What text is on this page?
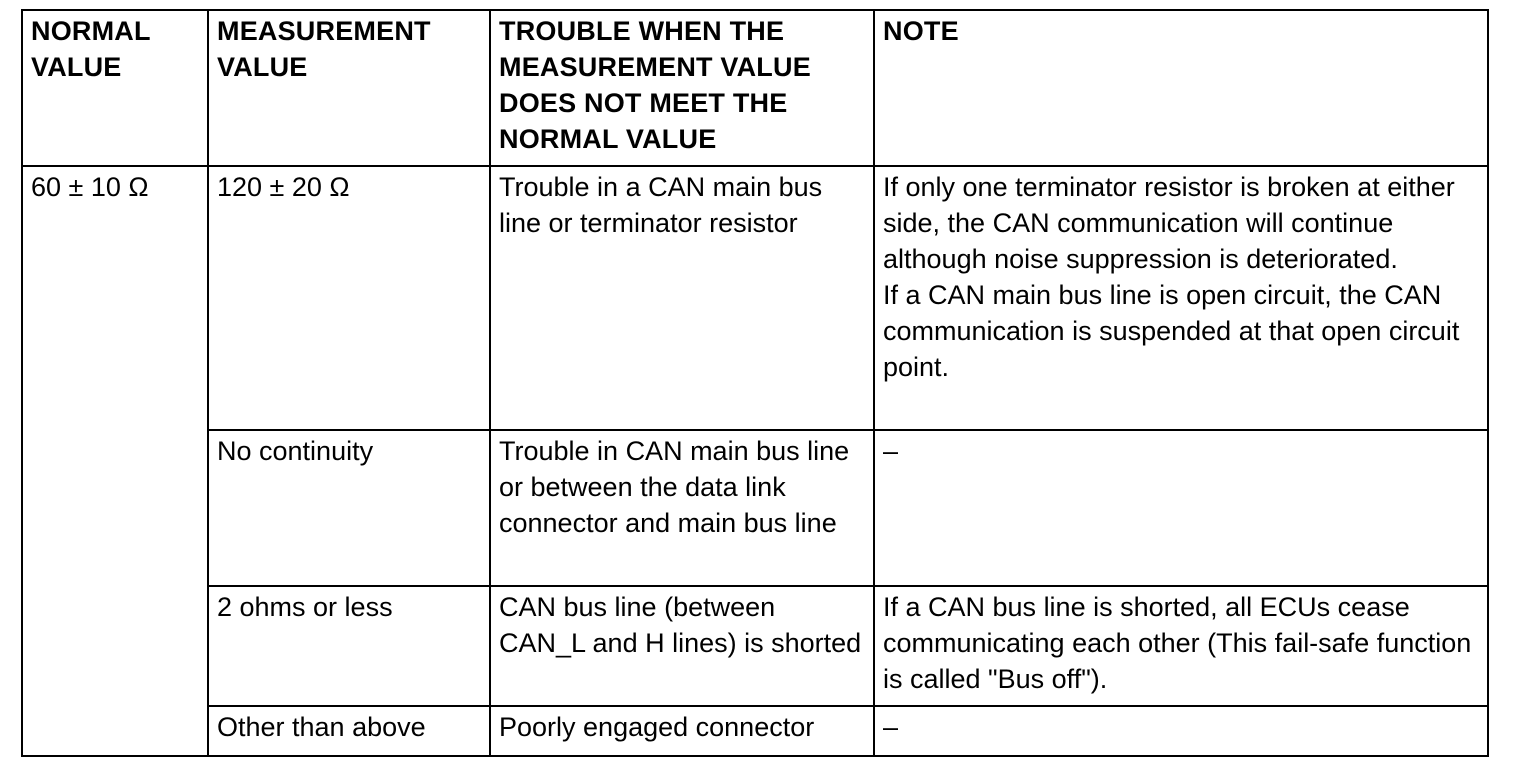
NORMAL VALUE	MEASUREMENT VALUE	TROUBLE WHEN THE MEASUREMENT VALUE DOES NOT MEET THE NORMAL VALUE	NOTE
60 ± 10 Ω	120 ± 20 Ω	Trouble in a CAN main bus line or terminator resistor	If only one terminator resistor is broken at either side, the CAN communication will continue although noise suppression is deteriorated.
If a CAN main bus line is open circuit, the CAN communication is suspended at that open circuit point.

	No continuity	Trouble in CAN main bus line or between the data link connector and main bus line	–
	2 ohms or less	CAN bus line (between CAN_L and H lines) is shorted	If a CAN bus line is shorted, all ECUs cease communicating each other (This fail-safe function is called "Bus off").
	Other than above	Poorly engaged connector	–
